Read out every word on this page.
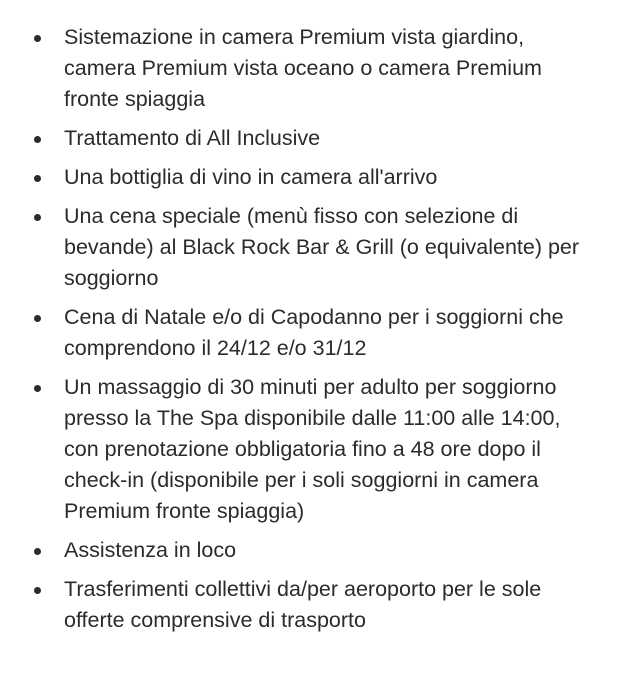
Sistemazione in camera Premium vista giardino, camera Premium vista oceano o camera Premium fronte spiaggia
Trattamento di All Inclusive
Una bottiglia di vino in camera all'arrivo
Una cena speciale (menù fisso con selezione di bevande) al Black Rock Bar & Grill (o equivalente) per soggiorno
Cena di Natale e/o di Capodanno per i soggiorni che comprendono il 24/12 e/o 31/12
Un massaggio di 30 minuti per adulto per soggiorno presso la The Spa disponibile dalle 11:00 alle 14:00, con prenotazione obbligatoria fino a 48 ore dopo il check-in (disponibile per i soli soggiorni in camera Premium fronte spiaggia)
Assistenza in loco
Trasferimenti collettivi da/per aeroporto per le sole offerte comprensive di trasporto
